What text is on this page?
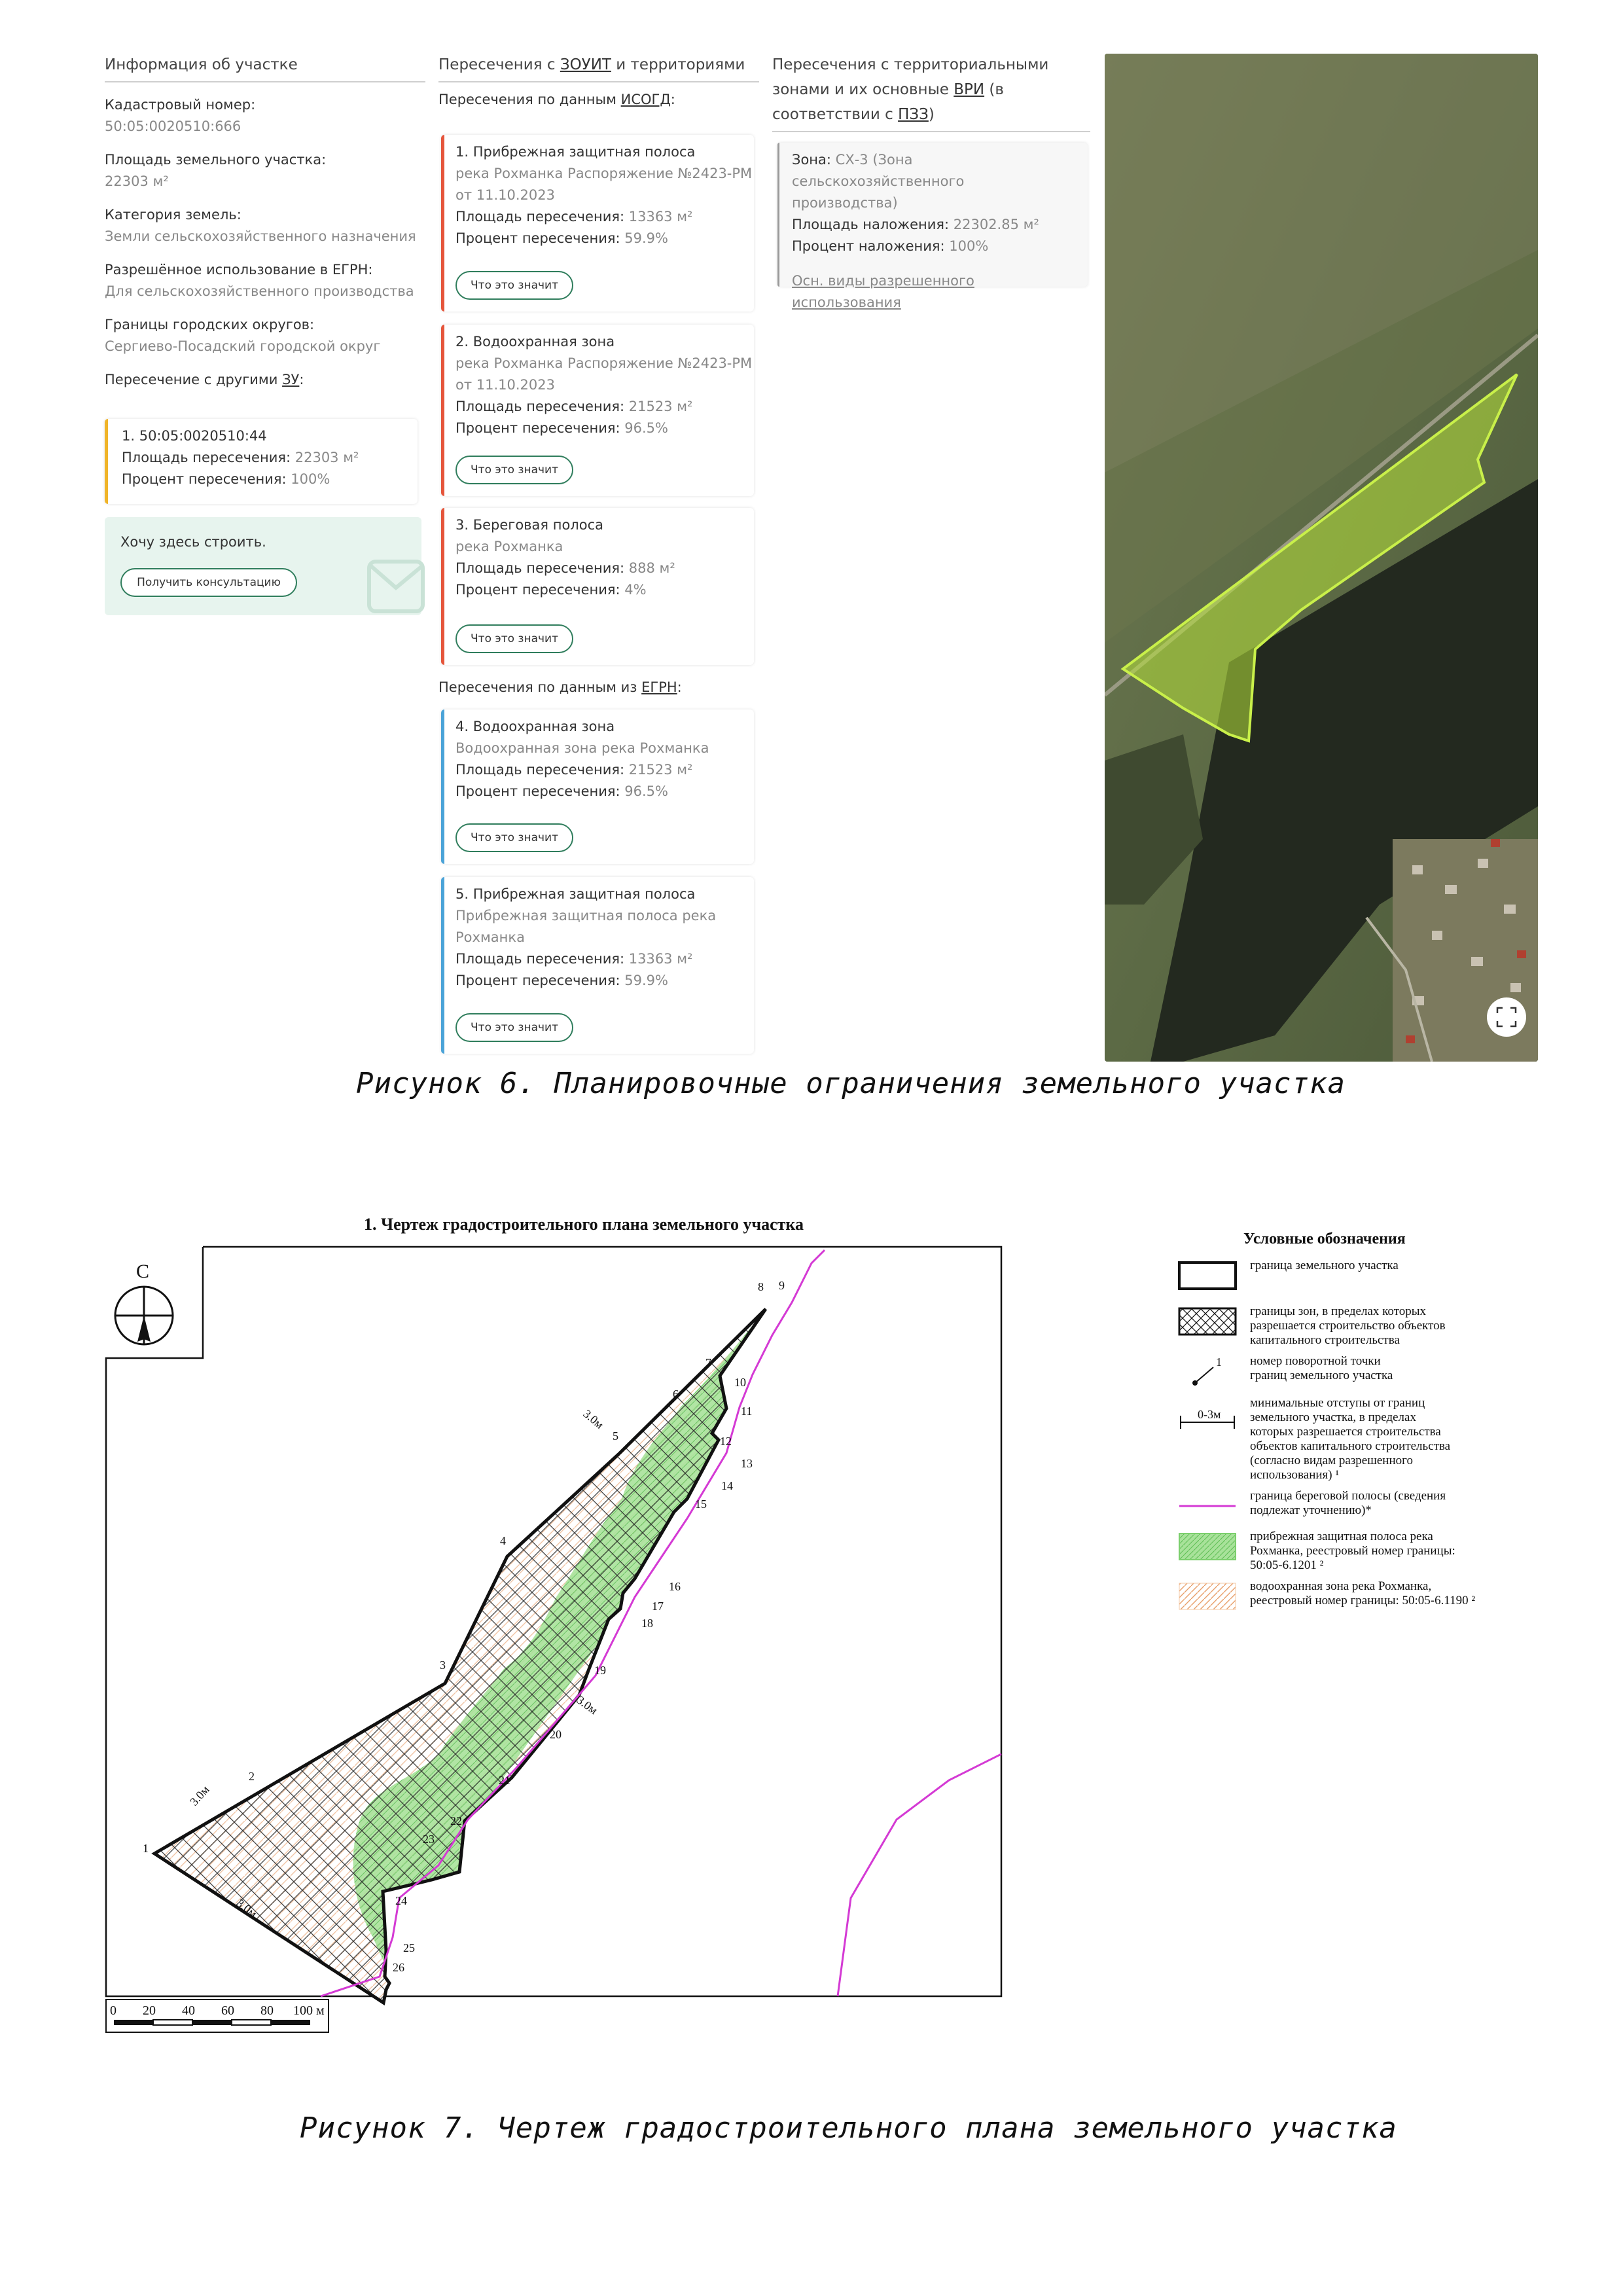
Информация об участке
Кадастровый номер:
50:05:0020510:666
Площадь земельного участка:
22303 м²
Категория земель:
Земли сельскохозяйственного назначения
Разрешённое использование в ЕГРН:
Для сельскохозяйственного производства
Границы городских округов:
Сергиево-Посадский городской округ
Пересечение с другими ЗУ:
1. 50:05:0020510:44
Площадь пересечения: 22303 м²
Процент пересечения: 100%
Хочу здесь строить.
Получить консультацию
Пересечения с ЗОУИТ и территориями
Пересечения по данным ИСОГД:
Пересечения по данным из ЕГРН:
1. Прибрежная защитная полоса
река Рохманка Распоряжение №2423-РМ
от 11.10.2023
Площадь пересечения: 13363 м²
Процент пересечения: 59.9%
Что это значит
2. Водоохранная зона
река Рохманка Распоряжение №2423-РМ
от 11.10.2023
Площадь пересечения: 21523 м²
Процент пересечения: 96.5%
Что это значит
3. Береговая полоса
река Рохманка
Площадь пересечения: 888 м²
Процент пересечения: 4%
Что это значит
4. Водоохранная зона
Водоохранная зона река Рохманка
Площадь пересечения: 21523 м²
Процент пересечения: 96.5%
Что это значит
5. Прибрежная защитная полоса
Прибрежная защитная полоса река
Рохманка
Площадь пересечения: 13363 м²
Процент пересечения: 59.9%
Что это значит
Пересечения с территориальными
зонами и их основные ВРИ (в
соответствии с ПЗЗ)
Зона: СХ-3 (Зона сельскохозяйственного
производства)
Площадь наложения: 22302.85 м²
Процент наложения: 100%
Осн. виды разрешенного использования
Рисунок 6. Планировочные ограничения земельного участка
1. Чертеж градостроительного плана земельного участка
С
1
2
3
4
5
6
7
8 9
10
11
12
13
14
15
16
17
18
19
20
21
22
23
24
25
26
3.0м
3.0м
3.0м
3.0м
0 20 40 60 80 100 м
Условные обозначения
граница земельного участка
границы зон, в пределах которых
разрешается строительство объектов
капитального строительства
1 номер поворотной точки
границ земельного участка
0-3м
минимальные отступы от границ
земельного участка, в пределах
которых разрешается строительства
объектов капитального строительства
(согласно видам разрешенного
использования) ¹
граница береговой полосы (сведения
подлежат уточнению)*
прибрежная защитная полоса река
Рохманка, реестровый номер границы:
50:05-6.1201 ²
водоохранная зона река Рохманка,
реестровый номер границы: 50:05-6.1190 ²
Рисунок 7. Чертеж градостроительного плана земельного участка
